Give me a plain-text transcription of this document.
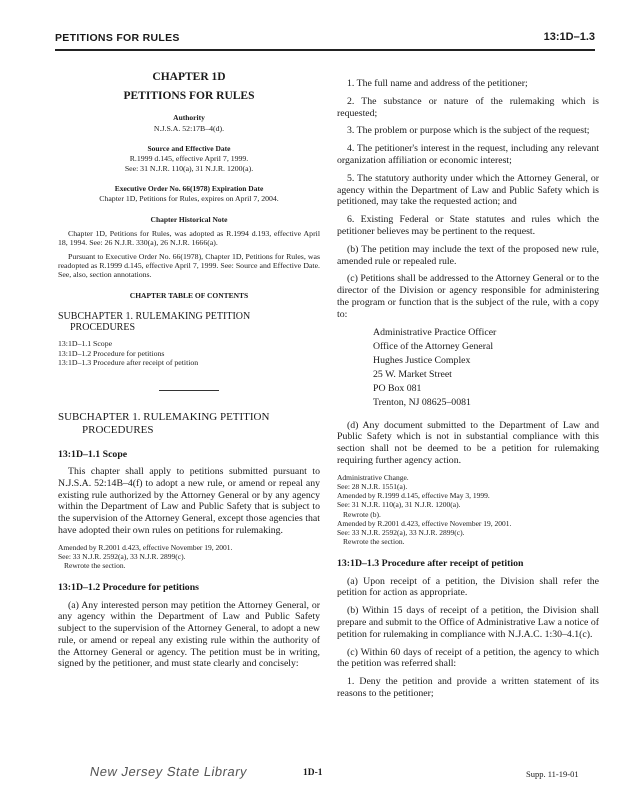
PETITIONS FOR RULES	13:1D–1.3
CHAPTER 1D
PETITIONS FOR RULES
Authority
N.J.S.A. 52:17B–4(d).
Source and Effective Date
R.1999 d.145, effective April 7, 1999.
See: 31 N.J.R. 110(a), 31 N.J.R. 1200(a).
Executive Order No. 66(1978) Expiration Date
Chapter 1D, Petitions for Rules, expires on April 7, 2004.
Chapter Historical Note
Chapter 1D, Petitions for Rules, was adopted as R.1994 d.193, effective April 18, 1994. See: 26 N.J.R. 330(a), 26 N.J.R. 1666(a).
Pursuant to Executive Order No. 66(1978), Chapter 1D, Petitions for Rules, was readopted as R.1999 d.145, effective April 7, 1999. See: Source and Effective Date. See, also, section annotations.
CHAPTER TABLE OF CONTENTS
SUBCHAPTER 1. RULEMAKING PETITION
PROCEDURES
13:1D–1.1 Scope
13:1D–1.2 Procedure for petitions
13:1D–1.3 Procedure after receipt of petition
SUBCHAPTER 1. RULEMAKING PETITION
PROCEDURES
13:1D–1.1 Scope

This chapter shall apply to petitions submitted pursuant to N.J.S.A. 52:14B–4(f) to adopt a new rule, or amend or repeal any existing rule authorized by the Attorney General or by any agency within the Department of Law and Public Safety that is subject to the supervision of the Attorney General, except those agencies that have adopted their own rules on petitions for rulemaking.

Amended by R.2001 d.423, effective November 19, 2001.
See: 33 N.J.R. 2592(a), 33 N.J.R. 2899(c).
Rewrote the section.
13:1D–1.2 Procedure for petitions

(a) Any interested person may petition the Attorney General, or any agency within the Department of Law and Public Safety subject to the supervision of the Attorney General, to adopt a new rule, or amend or repeal any existing rule within the authority of the Attorney General or agency. The petition must be in writing, signed by the petitioner, and must state clearly and concisely:

1. The full name and address of the petitioner;

2. The substance or nature of the rulemaking which is requested;

3. The problem or purpose which is the subject of the request;

4. The petitioner's interest in the request, including any relevant organization affiliation or economic interest;

5. The statutory authority under which the Attorney General, or agency within the Department of Law and Public Safety which is petitioned, may take the requested action; and

6. Existing Federal or State statutes and rules which the petitioner believes may be pertinent to the request.

(b) The petition may include the text of the proposed new rule, amended rule or repealed rule.

(c) Petitions shall be addressed to the Attorney General or to the director of the Division or agency responsible for administering the program or function that is the subject of the rule, with a copy to:

Administrative Practice Officer
Office of the Attorney General
Hughes Justice Complex
25 W. Market Street
PO Box 081
Trenton, NJ 08625–0081

(d) Any document submitted to the Department of Law and Public Safety which is not in substantial compliance with this section shall not be deemed to be a petition for rulemaking requiring further agency action.

Administrative Change.
See: 28 N.J.R. 1551(a).
Amended by R.1999 d.145, effective May 3, 1999.
See: 31 N.J.R. 110(a), 31 N.J.R. 1200(a).
Rewrote (b).
Amended by R.2001 d.423, effective November 19, 2001.
See: 33 N.J.R. 2592(a), 33 N.J.R. 2899(c).
Rewrote the section.
13:1D–1.3 Procedure after receipt of petition

(a) Upon receipt of a petition, the Division shall refer the petition for action as appropriate.

(b) Within 15 days of receipt of a petition, the Division shall prepare and submit to the Office of Administrative Law a notice of petition for rulemaking in compliance with N.J.A.C. 1:30–4.1(c).

(c) Within 60 days of receipt of a petition, the agency to which the petition was referred shall:

1. Deny the petition and provide a written statement of its reasons to the petitioner;

New Jersey State Library	1D-1	Supp. 11-19-01
